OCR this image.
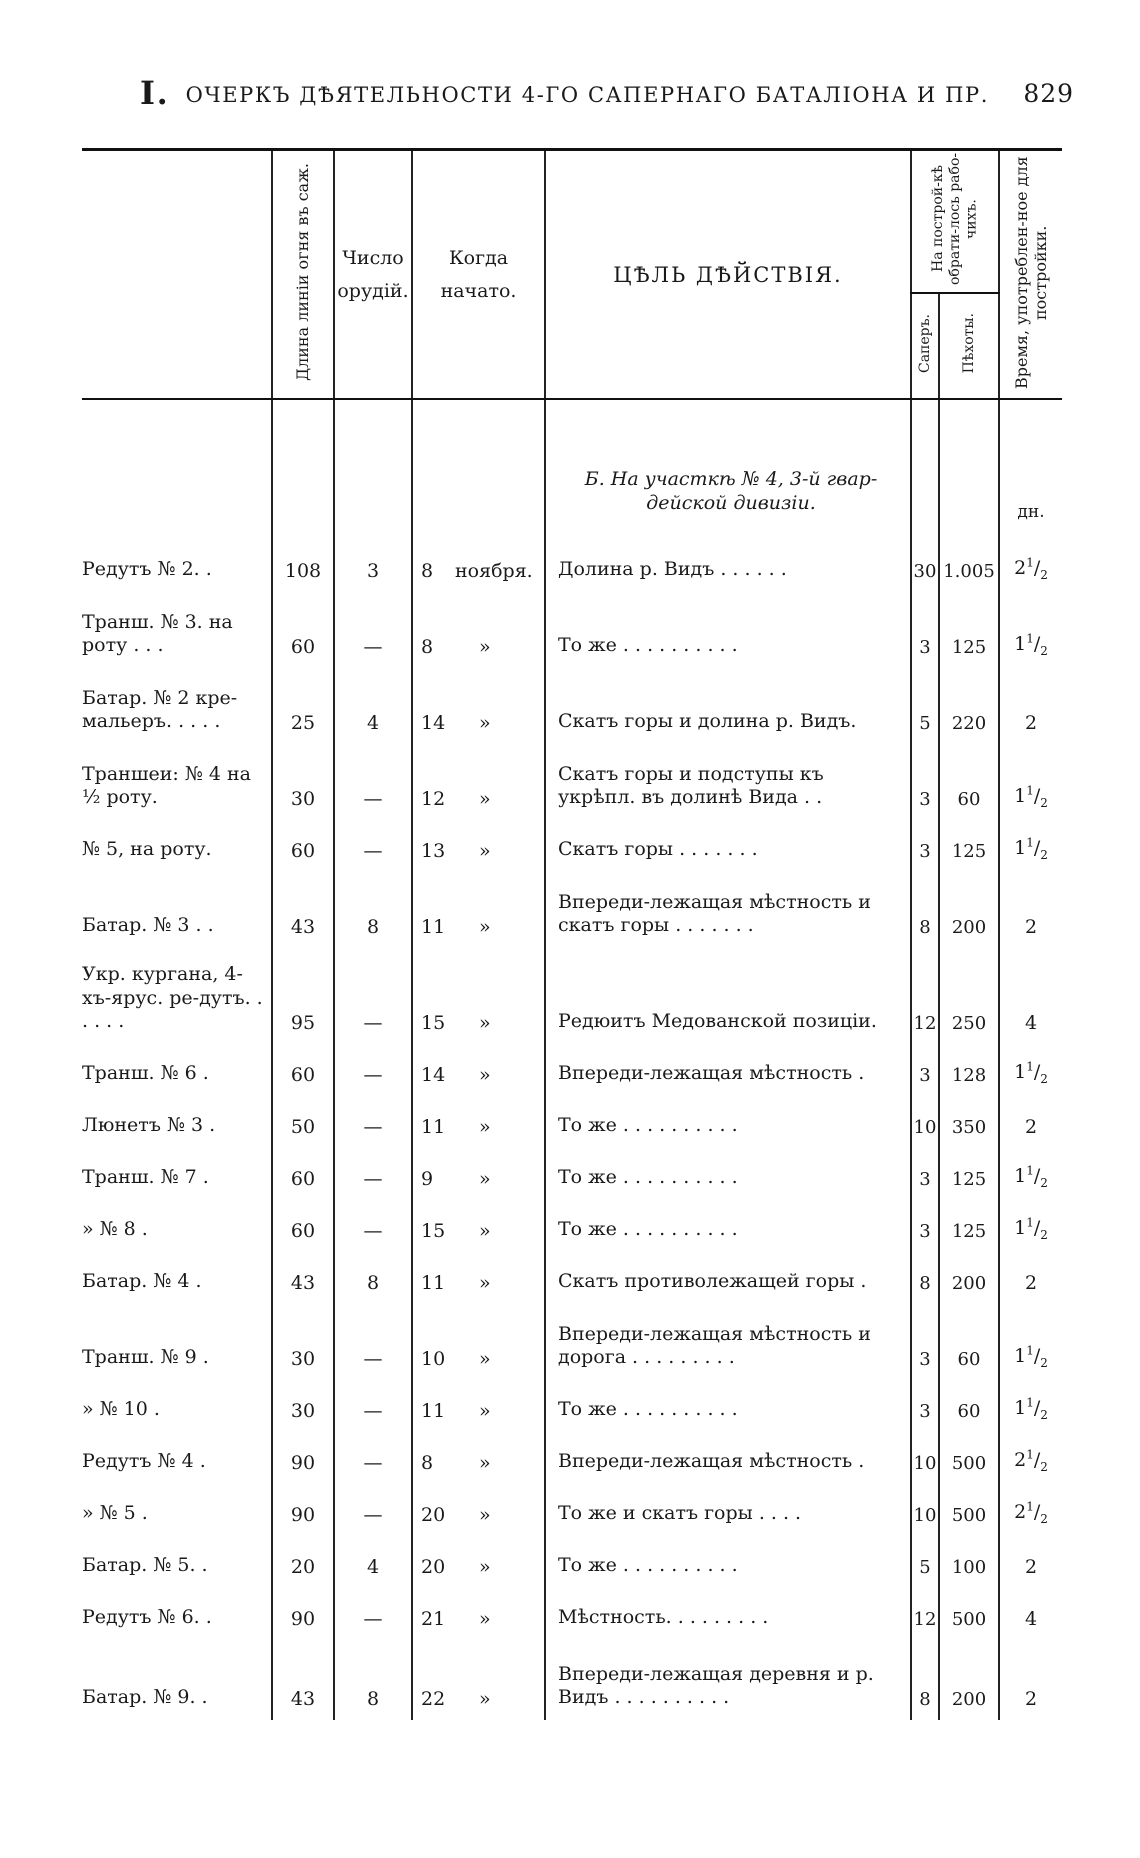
I. ОЧЕРКЪ ДѢЯТЕЛЬНОСТИ 4-ГО САПЕРНАГО БАТАЛІОНА И ПР. 829
	Длина линіи огня въ саж.	Число орудій.	Когда начато.	ЦѢЛЬ ДѢЙСТВІЯ.	На построй-кѣ обрати-лось рабо-чихъ.		Время, употреблен-ное для постройки.
					Саперъ.	Пѣхоты.	

				Б. На участкѣ № 4, 3-й гвар-дейской дивизіи.			дн.

Редутъ № 2. .	108	3	8 ноября.	Долина р. Видъ . . . . . .	30	1.005	$2^1/_2$
Транш. № 3. на роту . . .	60	—	8 »	То же . . . . . . . . . .	3	125	$1^1/_2$
Батар. № 2 кре-мальеръ. . . . .	25	4	14 »	Скатъ горы и долина р. Видъ.	5	220	2
Траншеи: № 4 на ½ роту.	30	—	12 »	Скатъ горы и подступы къ укрѣпл. въ долинѣ Вида . .	3	60	$1^1/_2$
№ 5, на роту.	60	—	13 »	Скатъ горы . . . . . . .	3	125	$1^1/_2$
Батар. № 3 . .	43	8	11 »	Впереди-лежащая мѣстность и скатъ горы . . . . . . .	8	200	2
Укр. кургана, 4-хъ-ярус. ре-дутъ. . . . . .	95	—	15 »	Редюитъ Медованской позиціи.	12	250	4
Транш. № 6 .	60	—	14 »	Впереди-лежащая мѣстность .	3	128	$1^1/_2$
Люнетъ № 3 .	50	—	11 »	То же . . . . . . . . . .	10	350	2
Транш. № 7 .	60	—	9 »	То же . . . . . . . . . .	3	125	$1^1/_2$
» № 8 .	60	—	15 »	То же . . . . . . . . . .	3	125	$1^1/_2$
Батар. № 4 .	43	8	11 »	Скатъ противолежащей горы .	8	200	2
Транш. № 9 .	30	—	10 »	Впереди-лежащая мѣстность и дорога . . . . . . . . .	3	60	$1^1/_2$
» № 10 .	30	—	11 »	То же . . . . . . . . . .	3	60	$1^1/_2$
Редутъ № 4 .	90	—	8 »	Впереди-лежащая мѣстность .	10	500	$2^1/_2$
» № 5 .	90	—	20 »	То же и скатъ горы . . . .	10	500	$2^1/_2$
Батар. № 5. .	20	4	20 »	То же . . . . . . . . . .	5	100	2
Редутъ № 6. .	90	—	21 »	Мѣстность. . . . . . . . .	12	500	4
Батар. № 9. .	43	8	22 »	Впереди-лежащая деревня и р. Видъ . . . . . . . . . .	8	200	2
